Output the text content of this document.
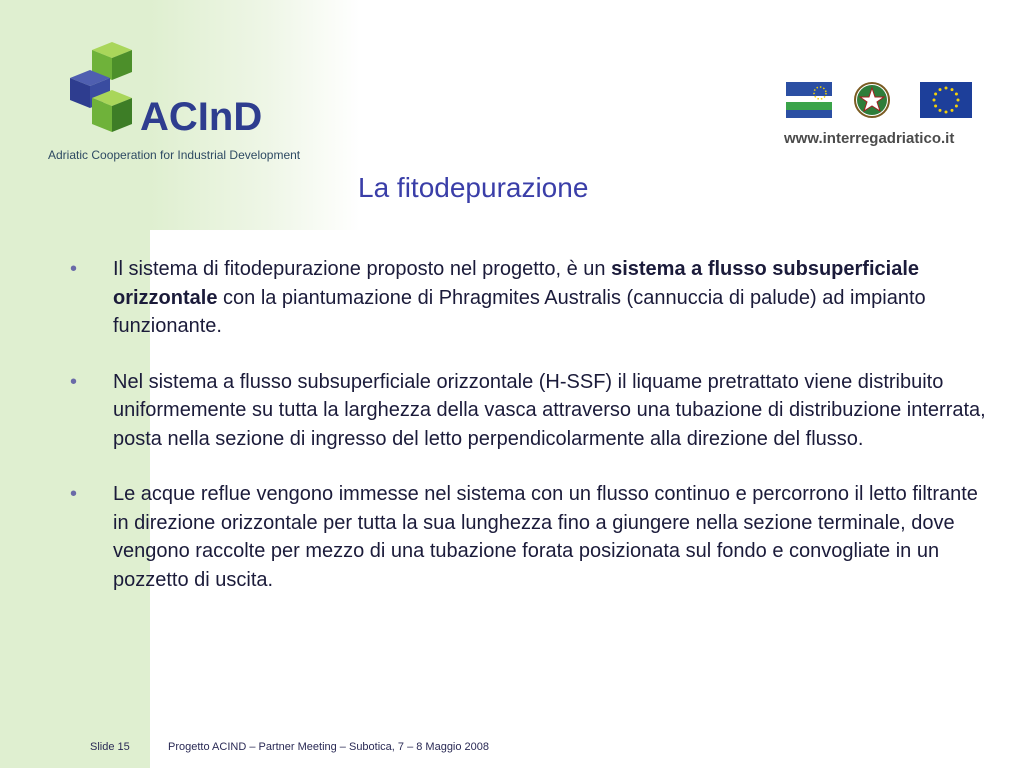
ACInD
Adriatic Cooperation for Industrial Development
www.interregadriatico.it
La fitodepurazione
• Il sistema di fitodepurazione proposto nel progetto, è un sistema a flusso subsuperficiale orizzontale con la piantumazione di Phragmites Australis (cannuccia di palude) ad impianto funzionante.

• Nel sistema a flusso subsuperficiale orizzontale (H-SSF) il liquame pretrattato viene distribuito uniformemente su tutta la larghezza della vasca attraverso una tubazione di distribuzione interrata, posta nella sezione di ingresso del letto perpendicolarmente alla direzione del flusso.

• Le acque reflue vengono immesse nel sistema con un flusso continuo e percorrono il letto filtrante in direzione orizzontale per tutta la sua lunghezza fino a giungere nella sezione terminale, dove vengono raccolte per mezzo di una tubazione forata posizionata sul fondo e convogliate in un pozzetto di uscita.

Slide 15	Progetto ACIND – Partner Meeting – Subotica, 7 – 8 Maggio 2008
